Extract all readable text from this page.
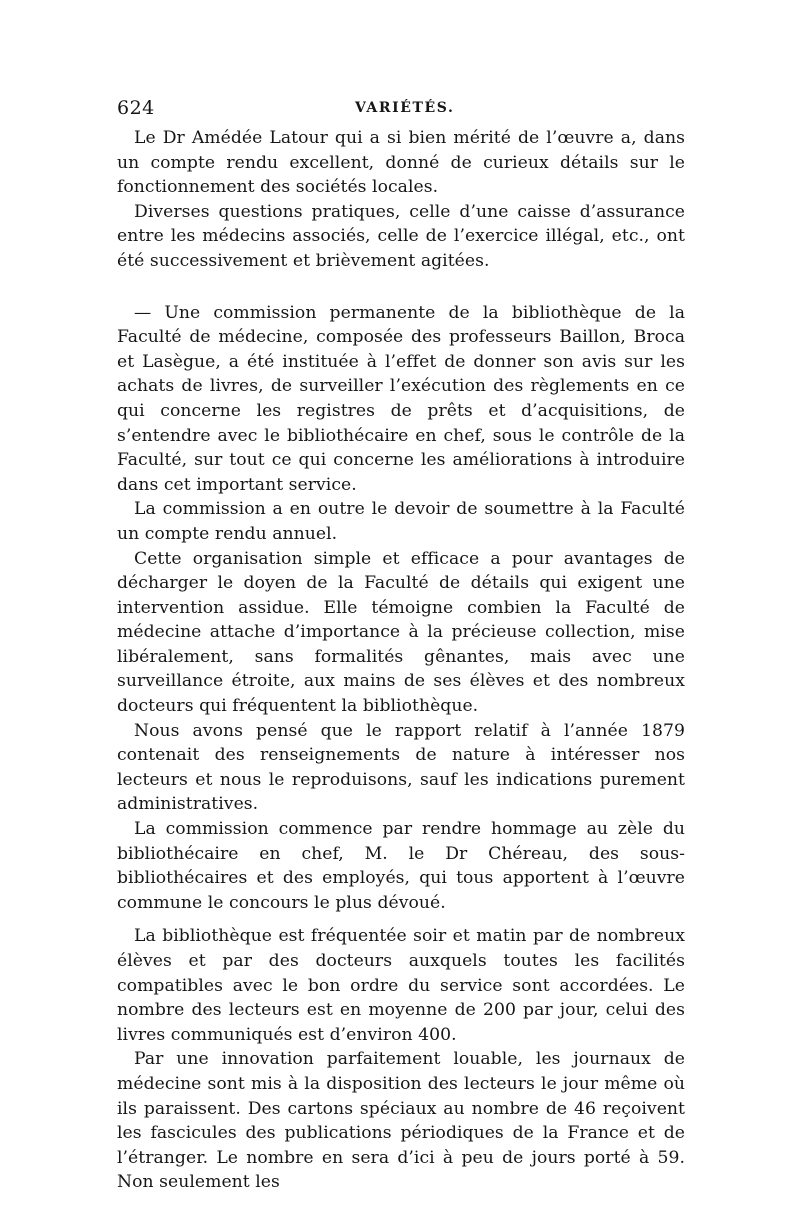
624	VARIÉTÉS.

Le Dr Amédée Latour qui a si bien mérité de l’œuvre a, dans un compte rendu excellent, donné de curieux détails sur le fonctionnement des sociétés locales.

Diverses questions pratiques, celle d’une caisse d’assurance entre les médecins associés, celle de l’exercice illégal, etc., ont été successivement et brièvement agitées.

— Une commission permanente de la bibliothèque de la Faculté de médecine, composée des professeurs Baillon, Broca et Lasègue, a été instituée à l’effet de donner son avis sur les achats de livres, de surveiller l’exécution des règlements en ce qui concerne les registres de prêts et d’acquisitions, de s’entendre avec le bibliothécaire en chef, sous le contrôle de la Faculté, sur tout ce qui concerne les améliorations à introduire dans cet important service.

La commission a en outre le devoir de soumettre à la Faculté un compte rendu annuel.

Cette organisation simple et efficace a pour avantages de décharger le doyen de la Faculté de détails qui exigent une intervention assidue. Elle témoigne combien la Faculté de médecine attache d’importance à la précieuse collection, mise libéralement, sans formalités gênantes, mais avec une surveillance étroite, aux mains de ses élèves et des nombreux docteurs qui fréquentent la bibliothèque.

Nous avons pensé que le rapport relatif à l’année 1879 contenait des renseignements de nature à intéresser nos lecteurs et nous le reproduisons, sauf les indications purement administratives.

La commission commence par rendre hommage au zèle du bibliothécaire en chef, M. le Dr Chéreau, des sous-bibliothécaires et des employés, qui tous apportent à l’œuvre commune le concours le plus dévoué.

La bibliothèque est fréquentée soir et matin par de nombreux élèves et par des docteurs auxquels toutes les facilités compatibles avec le bon ordre du service sont accordées. Le nombre des lecteurs est en moyenne de 200 par jour, celui des livres communiqués est d’environ 400.

Par une innovation parfaitement louable, les journaux de médecine sont mis à la disposition des lecteurs le jour même où ils paraissent. Des cartons spéciaux au nombre de 46 reçoivent les fascicules des publications périodiques de la France et de l’étranger. Le nombre en sera d’ici à peu de jours porté à 59. Non seulement les
